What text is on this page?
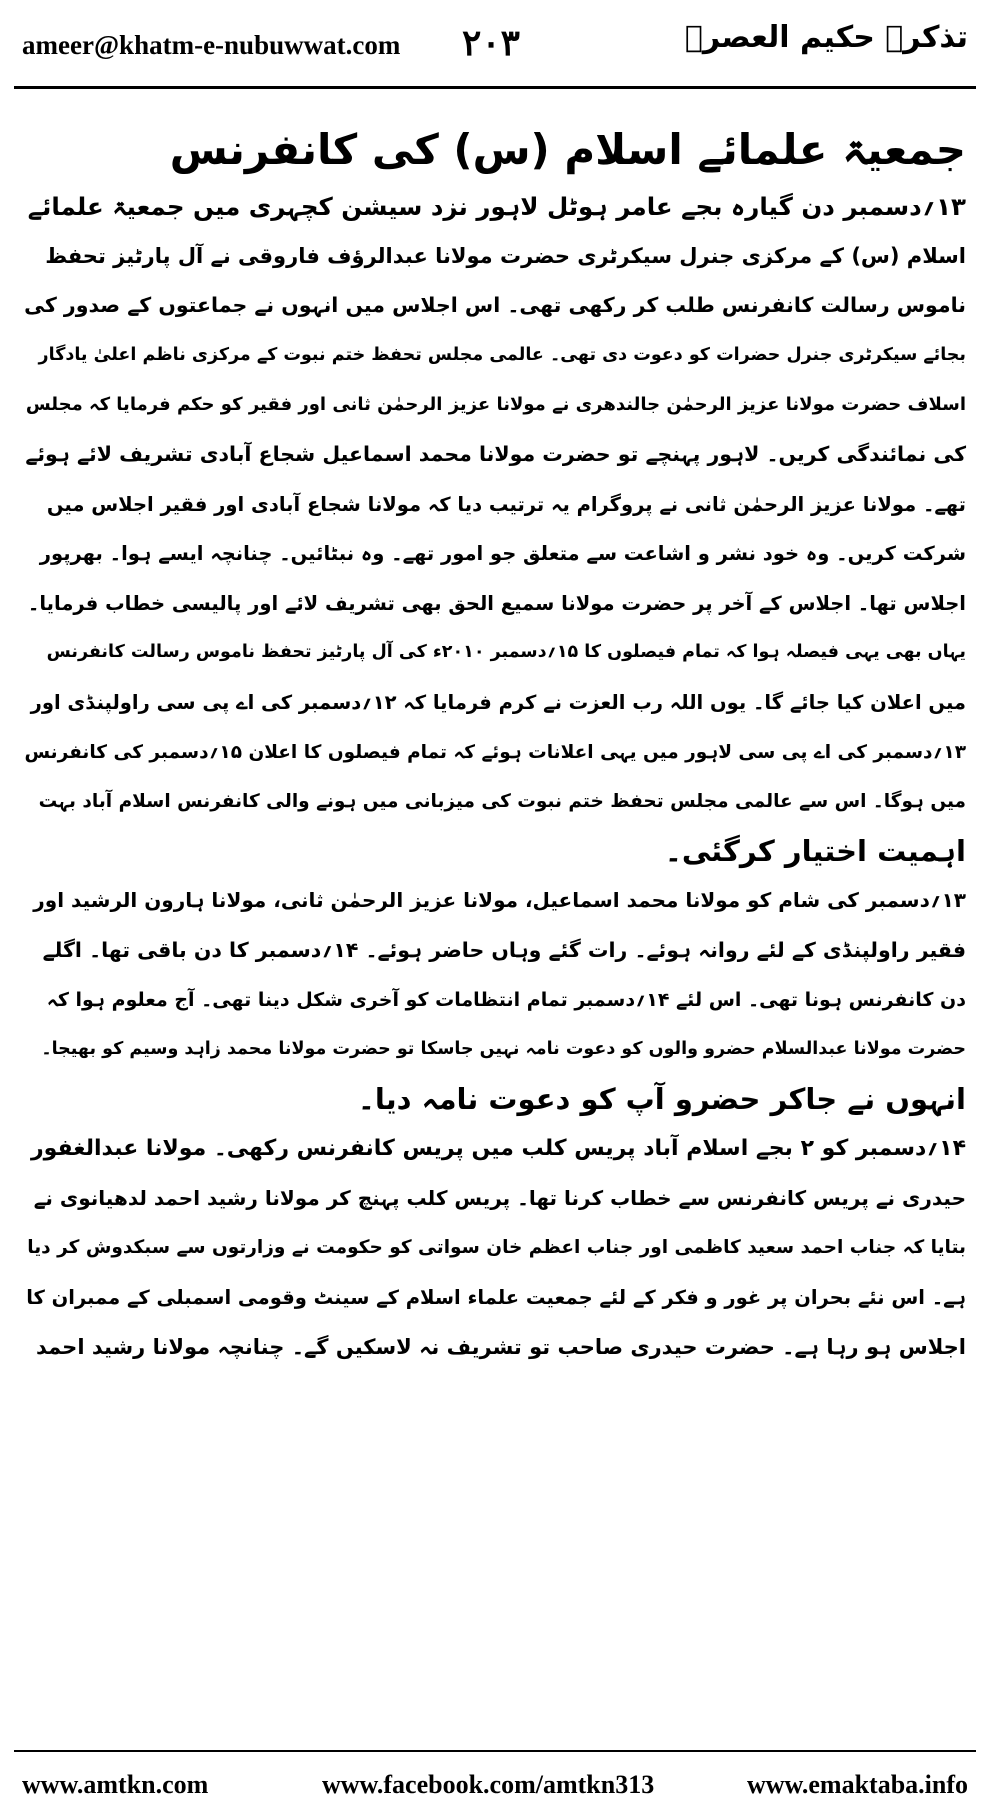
ameer@khatm-e-nubuwwat.com ٢٠٣	تذکرہ حکیم العصرؒ
جمعیۃ علمائے اسلام (س) کی کانفرنس

۱۳؍دسمبر دن گیارہ بجے عامر ہوٹل لاہور نزد سیشن کچہری میں جمعیۃ علمائے

اسلام (س) کے مرکزی جنرل سیکرٹری حضرت مولانا عبدالرؤف فاروقی نے آل پارٹیز تحفظ

ناموس رسالت کانفرنس طلب کر رکھی تھی۔ اس اجلاس میں انہوں نے جماعتوں کے صدور کی

بجائے سیکرٹری جنرل حضرات کو دعوت دی تھی۔ عالمی مجلس تحفظ ختم نبوت کے مرکزی ناظم اعلیٰ یادگار

اسلاف حضرت مولانا عزیز الرحمٰن جالندھری نے مولانا عزیز الرحمٰن ثانی اور فقیر کو حکم فرمایا کہ مجلس

کی نمائندگی کریں۔ لاہور پہنچے تو حضرت مولانا محمد اسماعیل شجاع آبادی تشریف لائے ہوئے

تھے۔ مولانا عزیز الرحمٰن ثانی نے پروگرام یہ ترتیب دیا کہ مولانا شجاع آبادی اور فقیر اجلاس میں

شرکت کریں۔ وہ خود نشر و اشاعت سے متعلق جو امور تھے۔ وہ نبٹائیں۔ چنانچہ ایسے ہوا۔ بھرپور

اجلاس تھا۔ اجلاس کے آخر پر حضرت مولانا سمیع الحق بھی تشریف لائے اور پالیسی خطاب فرمایا۔

یہاں بھی یہی فیصلہ ہوا کہ تمام فیصلوں کا ۱۵؍دسمبر ۲۰۱۰ء کی آل پارٹیز تحفظ ناموس رسالت کانفرنس

میں اعلان کیا جائے گا۔ یوں اللہ رب العزت نے کرم فرمایا کہ ۱۲؍دسمبر کی اے پی سی راولپنڈی اور

۱۳؍دسمبر کی اے پی سی لاہور میں یہی اعلانات ہوئے کہ تمام فیصلوں کا اعلان ۱۵؍دسمبر کی کانفرنس

میں ہوگا۔ اس سے عالمی مجلس تحفظ ختم نبوت کی میزبانی میں ہونے والی کانفرنس اسلام آباد بہت

اہمیت اختیار کرگئی۔

۱۳؍دسمبر کی شام کو مولانا محمد اسماعیل، مولانا عزیز الرحمٰن ثانی، مولانا ہارون الرشید اور

فقیر راولپنڈی کے لئے روانہ ہوئے۔ رات گئے وہاں حاضر ہوئے۔ ۱۴؍دسمبر کا دن باقی تھا۔ اگلے

دن کانفرنس ہونا تھی۔ اس لئے ۱۴؍دسمبر تمام انتظامات کو آخری شکل دینا تھی۔ آج معلوم ہوا کہ

حضرت مولانا عبدالسلام حضرو والوں کو دعوت نامہ نہیں جاسکا تو حضرت مولانا محمد زاہد وسیم کو بھیجا۔

انہوں نے جاکر حضرو آپ کو دعوت نامہ دیا۔

۱۴؍دسمبر کو ۲ بجے اسلام آباد پریس کلب میں پریس کانفرنس رکھی۔ مولانا عبدالغفور

حیدری نے پریس کانفرنس سے خطاب کرنا تھا۔ پریس کلب پہنچ کر مولانا رشید احمد لدھیانوی نے

بتایا کہ جناب احمد سعید کاظمی اور جناب اعظم خان سواتی کو حکومت نے وزارتوں سے سبکدوش کر دیا

ہے۔ اس نئے بحران پر غور و فکر کے لئے جمعیت علماء اسلام کے سینٹ وقومی اسمبلی کے ممبران کا

اجلاس ہو رہا ہے۔ حضرت حیدری صاحب تو تشریف نہ لاسکیں گے۔ چنانچہ مولانا رشید احمد

www.amtkn.com	www.facebook.com/amtkn313	www.emaktaba.info
